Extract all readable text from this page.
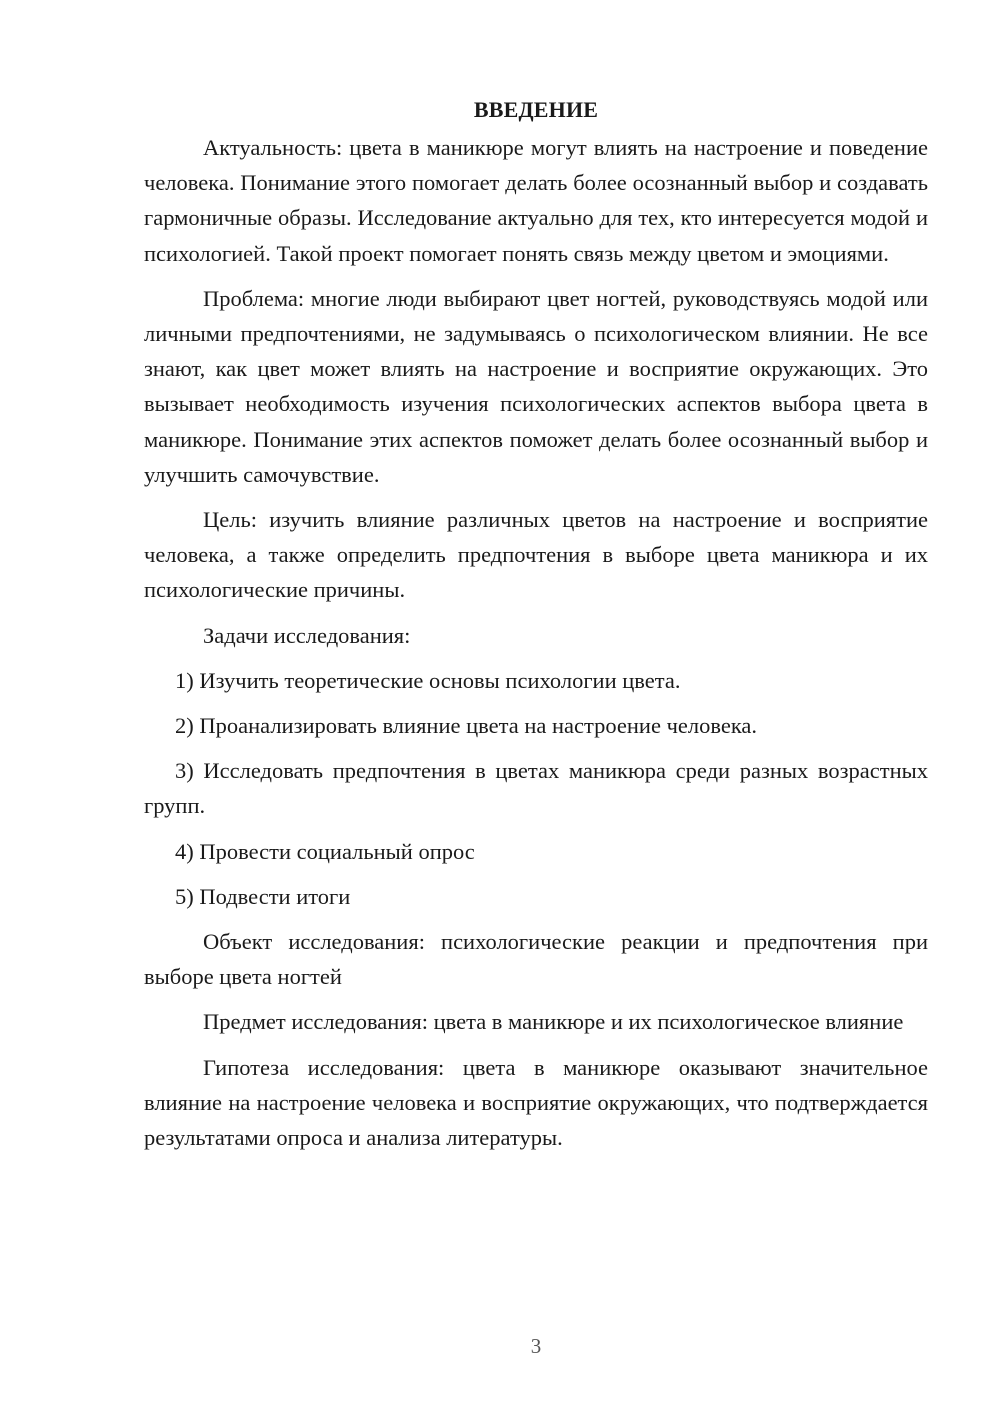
ВВЕДЕНИЕ

Актуальность: цвета в маникюре могут влиять на настроение и поведение человека. Понимание этого помогает делать более осознанный выбор и создавать гармоничные образы. Исследование актуально для тех, кто интересуется модой и психологией. Такой проект помогает понять связь между цветом и эмоциями.

Проблема: многие люди выбирают цвет ногтей, руководствуясь модой или личными предпочтениями, не задумываясь о психологическом влиянии. Не все знают, как цвет может влиять на настроение и восприятие окружающих. Это вызывает необходимость изучения психологических аспектов выбора цвета в маникюре. Понимание этих аспектов поможет делать более осознанный выбор и улучшить самочувствие.

Цель: изучить влияние различных цветов на настроение и восприятие человека, а также определить предпочтения в выборе цвета маникюра и их психологические причины.

Задачи исследования:

1) Изучить теоретические основы психологии цвета.

2) Проанализировать влияние цвета на настроение человека.

3) Исследовать предпочтения в цветах маникюра среди разных возрастных групп.

4) Провести социальный опрос

5) Подвести итоги

Объект исследования: психологические реакции и предпочтения при выборе цвета ногтей

Предмет исследования: цвета в маникюре и их психологическое влияние

Гипотеза исследования: цвета в маникюре оказывают значительное влияние на настроение человека и восприятие окружающих, что подтверждается результатами опроса и анализа литературы.

3
